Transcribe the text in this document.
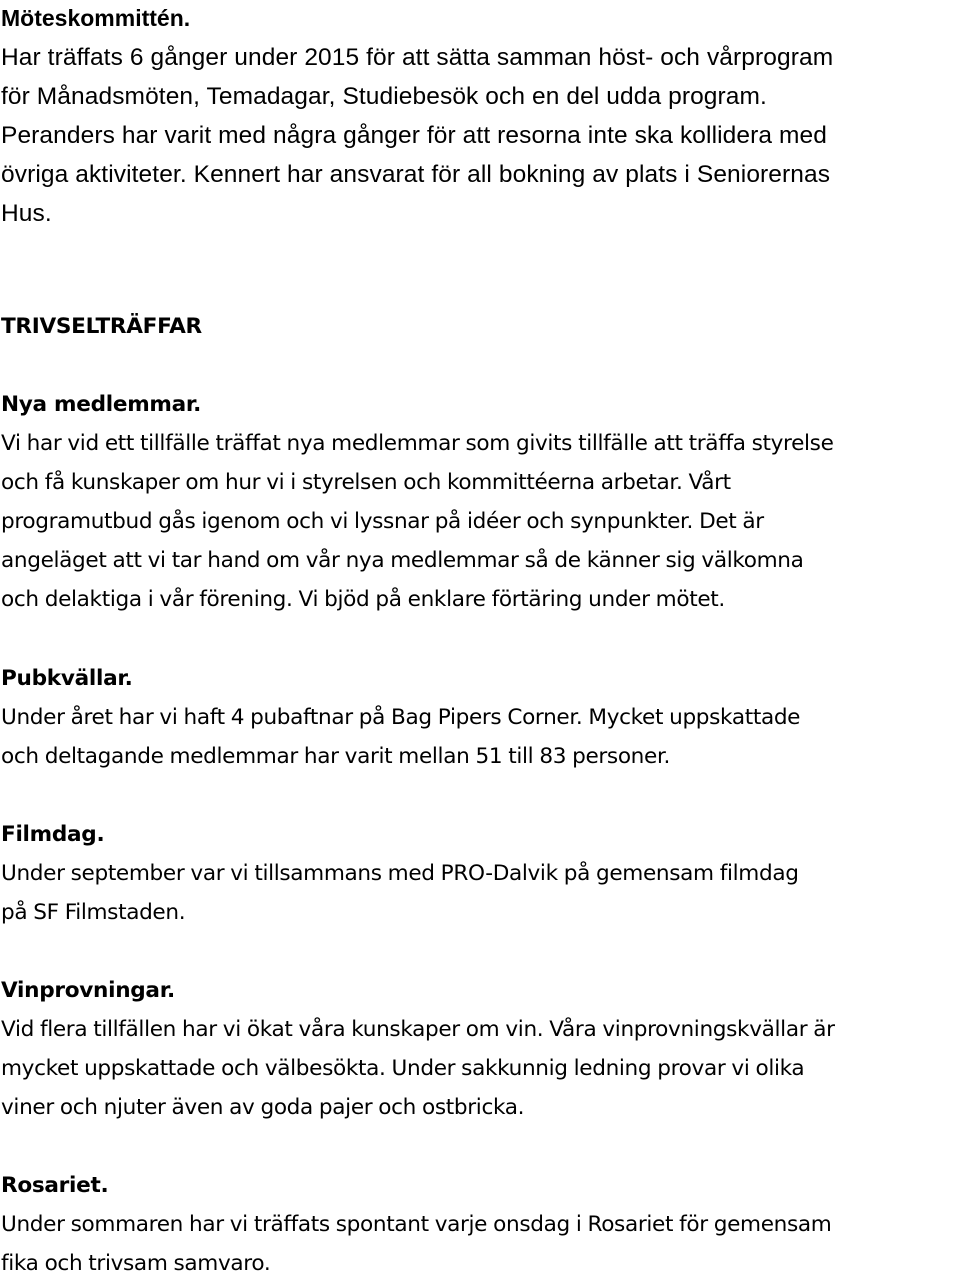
Möteskommittén.

Har träffats 6 gånger under 2015 för att sätta samman höst- och vårprogram

för Månadsmöten, Temadagar, Studiebesök och en del udda program.

Peranders har varit med några gånger för att resorna inte ska kollidera med

övriga aktiviteter. Kennert har ansvarat för all bokning av plats i Seniorernas

Hus.

TRIVSELTRÄFFAR
Nya medlemmar.

Vi har vid ett tillfälle träffat nya medlemmar som givits tillfälle att träffa styrelse

och få kunskaper om hur vi i styrelsen och kommittéerna arbetar. Vårt

programutbud gås igenom och vi lyssnar på idéer och synpunkter. Det är

angeläget att vi tar hand om vår nya medlemmar så de känner sig välkomna

och delaktiga i vår förening. Vi bjöd på enklare förtäring under mötet.

Pubkvällar.

Under året har vi haft 4 pubaftnar på Bag Pipers Corner. Mycket uppskattade

och deltagande medlemmar har varit mellan 51 till 83 personer.

Filmdag.

Under september var vi tillsammans med PRO-Dalvik på gemensam filmdag

på SF Filmstaden.

Vinprovningar.

Vid flera tillfällen har vi ökat våra kunskaper om vin. Våra vinprovningskvällar är

mycket uppskattade och välbesökta. Under sakkunnig ledning provar vi olika

viner och njuter även av goda pajer och ostbricka.

Rosariet.

Under sommaren har vi träffats spontant varje onsdag i Rosariet för gemensam

fika och trivsam samvaro.
